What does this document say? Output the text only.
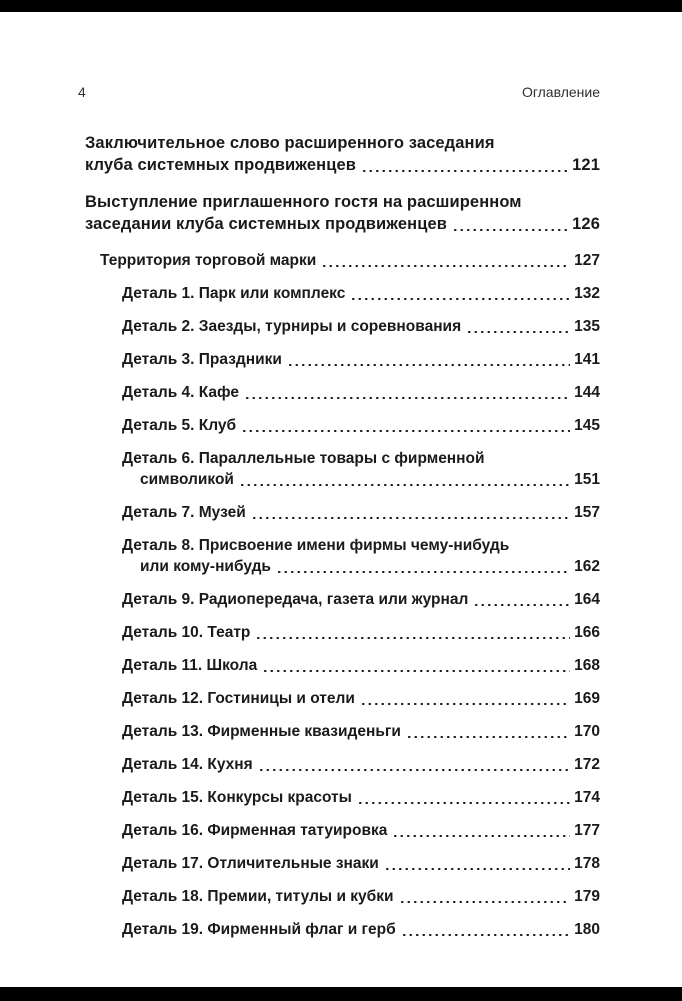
4	Оглавление
Заключительное слово расширенного заседания
клуба системных продвиженцев	121
Выступление приглашенного гостя на расширенном
заседании клуба системных продвиженцев	126
Территория торговой марки	127
Деталь 1. Парк или комплекс	132
Деталь 2. Заезды, турниры и соревнования	135
Деталь 3. Праздники	141
Деталь 4. Кафе	144
Деталь 5. Клуб	145
Деталь 6. Параллельные товары с фирменной
символикой	151
Деталь 7. Музей	157
Деталь 8. Присвоение имени фирмы чему-нибудь
или кому-нибудь	162
Деталь 9. Радиопередача, газета или журнал	164
Деталь 10. Театр	166
Деталь 11. Школа	168
Деталь 12. Гостиницы и отели	169
Деталь 13. Фирменные квазиденьги	170
Деталь 14. Кухня	172
Деталь 15. Конкурсы красоты	174
Деталь 16. Фирменная татуировка	177
Деталь 17. Отличительные знаки	178
Деталь 18. Премии, титулы и кубки	179
Деталь 19. Фирменный флаг и герб	180
